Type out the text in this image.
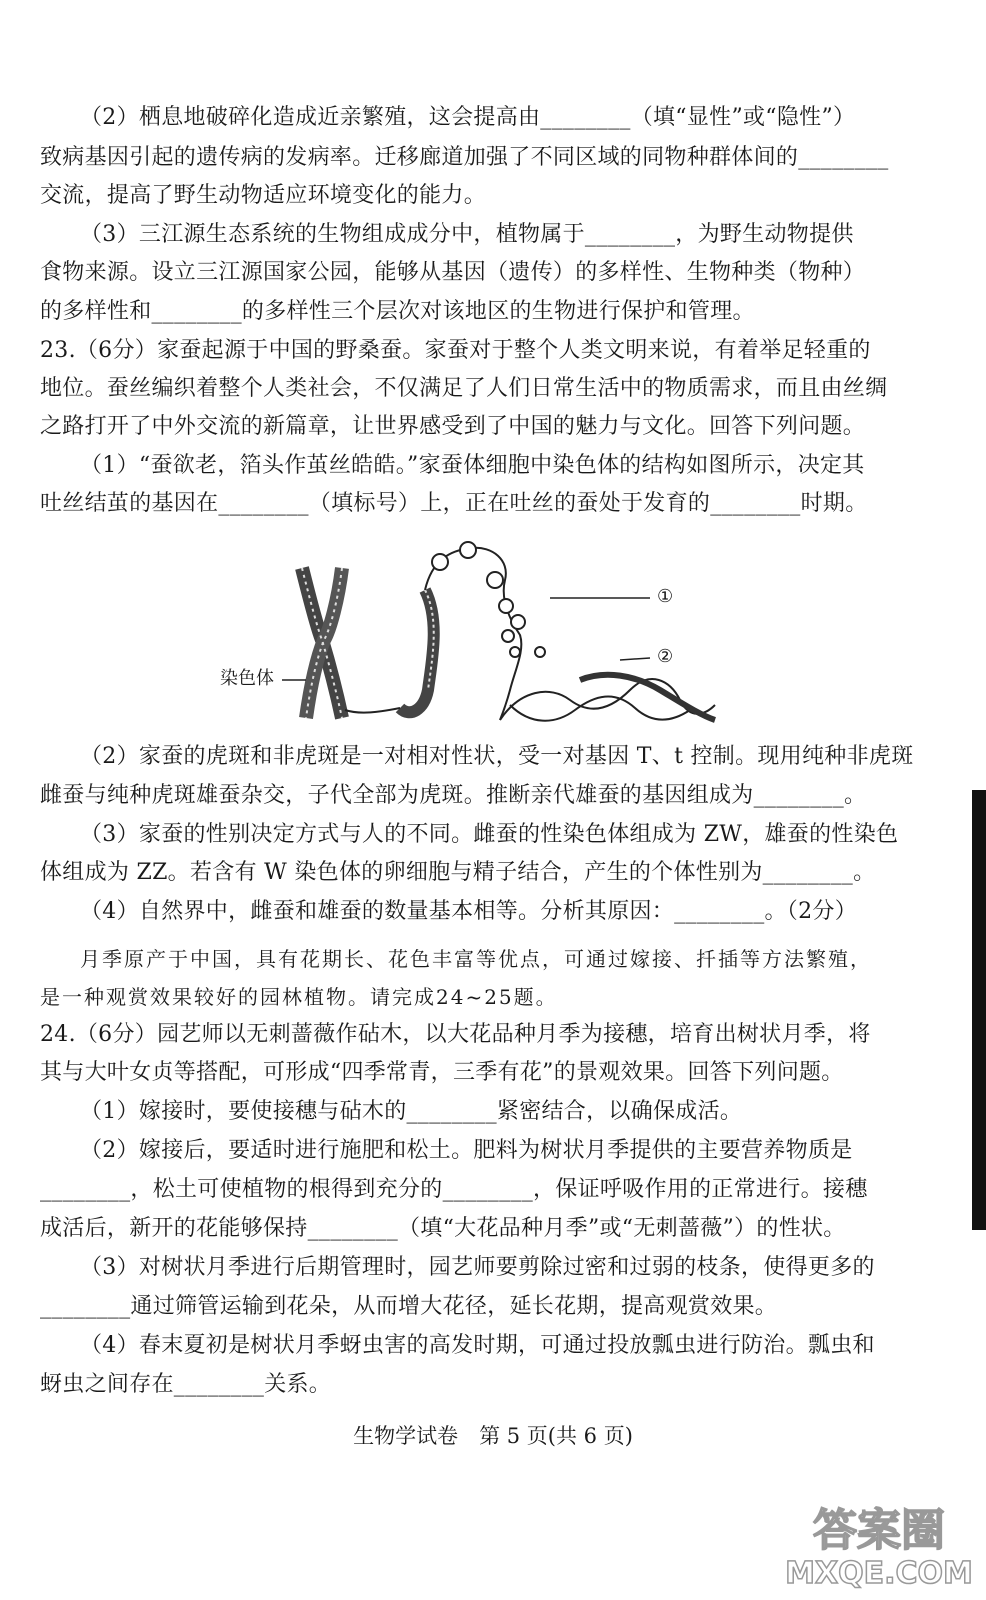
（2）栖息地破碎化造成近亲繁殖，这会提高由________（填“显性”或“隐性”）
致病基因引起的遗传病的发病率。迁移廊道加强了不同区域的同物种群体间的________
交流，提高了野生动物适应环境变化的能力。
（3）三江源生态系统的生物组成成分中，植物属于________，为野生动物提供
食物来源。设立三江源国家公园，能够从基因（遗传）的多样性、生物种类（物种）
的多样性和________的多样性三个层次对该地区的生物进行保护和管理。
23.（6分）家蚕起源于中国的野桑蚕。家蚕对于整个人类文明来说，有着举足轻重的
地位。蚕丝编织着整个人类社会，不仅满足了人们日常生活中的物质需求，而且由丝绸
之路打开了中外交流的新篇章，让世界感受到了中国的魅力与文化。回答下列问题。
（1）“蚕欲老，箔头作茧丝皓皓。”家蚕体细胞中染色体的结构如图所示，决定其
吐丝结茧的基因在________（填标号）上，正在吐丝的蚕处于发育的________时期。
染色体
①
②
（2）家蚕的虎斑和非虎斑是一对相对性状，受一对基因 T、t 控制。现用纯种非虎斑
雌蚕与纯种虎斑雄蚕杂交，子代全部为虎斑。推断亲代雄蚕的基因组成为________。
（3）家蚕的性别决定方式与人的不同。雌蚕的性染色体组成为 ZW，雄蚕的性染色
体组成为 ZZ。若含有 W 染色体的卵细胞与精子结合，产生的个体性别为________。
（4）自然界中，雌蚕和雄蚕的数量基本相等。分析其原因：________。（2分）
月季原产于中国，具有花期长、花色丰富等优点，可通过嫁接、扦插等方法繁殖，
是一种观赏效果较好的园林植物。请完成24~25题。
24.（6分）园艺师以无刺蔷薇作砧木，以大花品种月季为接穗，培育出树状月季，将
其与大叶女贞等搭配，可形成“四季常青，三季有花”的景观效果。回答下列问题。
（1）嫁接时，要使接穗与砧木的________紧密结合，以确保成活。
（2）嫁接后，要适时进行施肥和松土。肥料为树状月季提供的主要营养物质是
________，松土可使植物的根得到充分的________，保证呼吸作用的正常进行。接穗
成活后，新开的花能够保持________（填“大花品种月季”或“无刺蔷薇”）的性状。
（3）对树状月季进行后期管理时，园艺师要剪除过密和过弱的枝条，使得更多的
________通过筛管运输到花朵，从而增大花径，延长花期，提高观赏效果。
（4）春末夏初是树状月季蚜虫害的高发时期，可通过投放瓢虫进行防治。瓢虫和
蚜虫之间存在________关系。
生物学试卷　第 5 页(共 6 页)
答案圈
MXQE.COM
